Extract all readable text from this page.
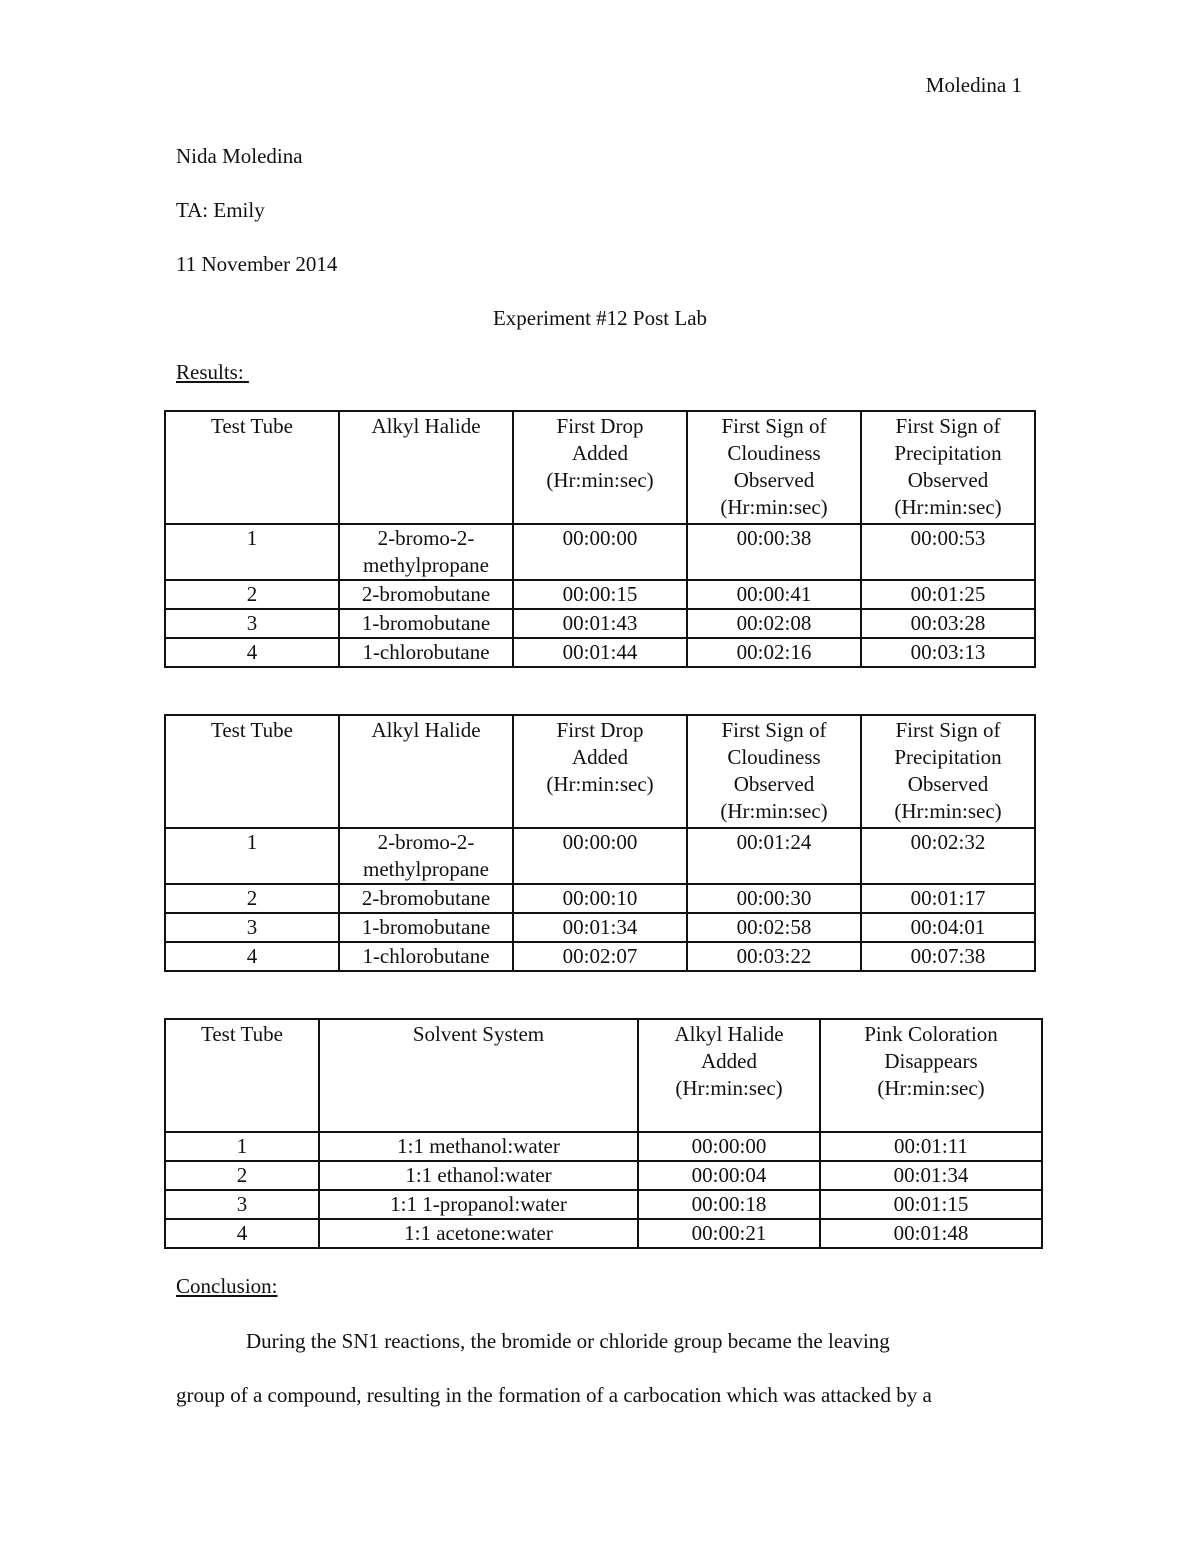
Moledina 1

Nida Moledina

TA: Emily

11 November 2014

Experiment #12 Post Lab

Results:

Test Tube	Alkyl Halide	First Drop
Added
(Hr:min:sec)	First Sign of
Cloudiness
Observed
(Hr:min:sec)	First Sign of
Precipitation
Observed
(Hr:min:sec)

1	2-bromo-2-methylpropane	00:00:00	00:00:38	00:00:53
2	2-bromobutane	00:00:15	00:00:41	00:01:25
3	1-bromobutane	00:01:43	00:02:08	00:03:28
4	1-chlorobutane	00:01:44	00:02:16	00:03:13
Test Tube	Alkyl Halide	First Drop
Added
(Hr:min:sec)	First Sign of
Cloudiness
Observed
(Hr:min:sec)	First Sign of
Precipitation
Observed
(Hr:min:sec)

1	2-bromo-2-methylpropane	00:00:00	00:01:24	00:02:32
2	2-bromobutane	00:00:10	00:00:30	00:01:17
3	1-bromobutane	00:01:34	00:02:58	00:04:01
4	1-chlorobutane	00:02:07	00:03:22	00:07:38
Test Tube	Solvent System	Alkyl Halide
Added
(Hr:min:sec)	Pink Coloration
Disappears
(Hr:min:sec)

1	1:1 methanol:water	00:00:00	00:01:11
2	1:1 ethanol:water	00:00:04	00:01:34
3	1:1 1-propanol:water	00:00:18	00:01:15
4	1:1 acetone:water	00:00:21	00:01:48

Conclusion:

During the SN1 reactions, the bromide or chloride group became the leaving

group of a compound, resulting in the formation of a carbocation which was attacked by a
